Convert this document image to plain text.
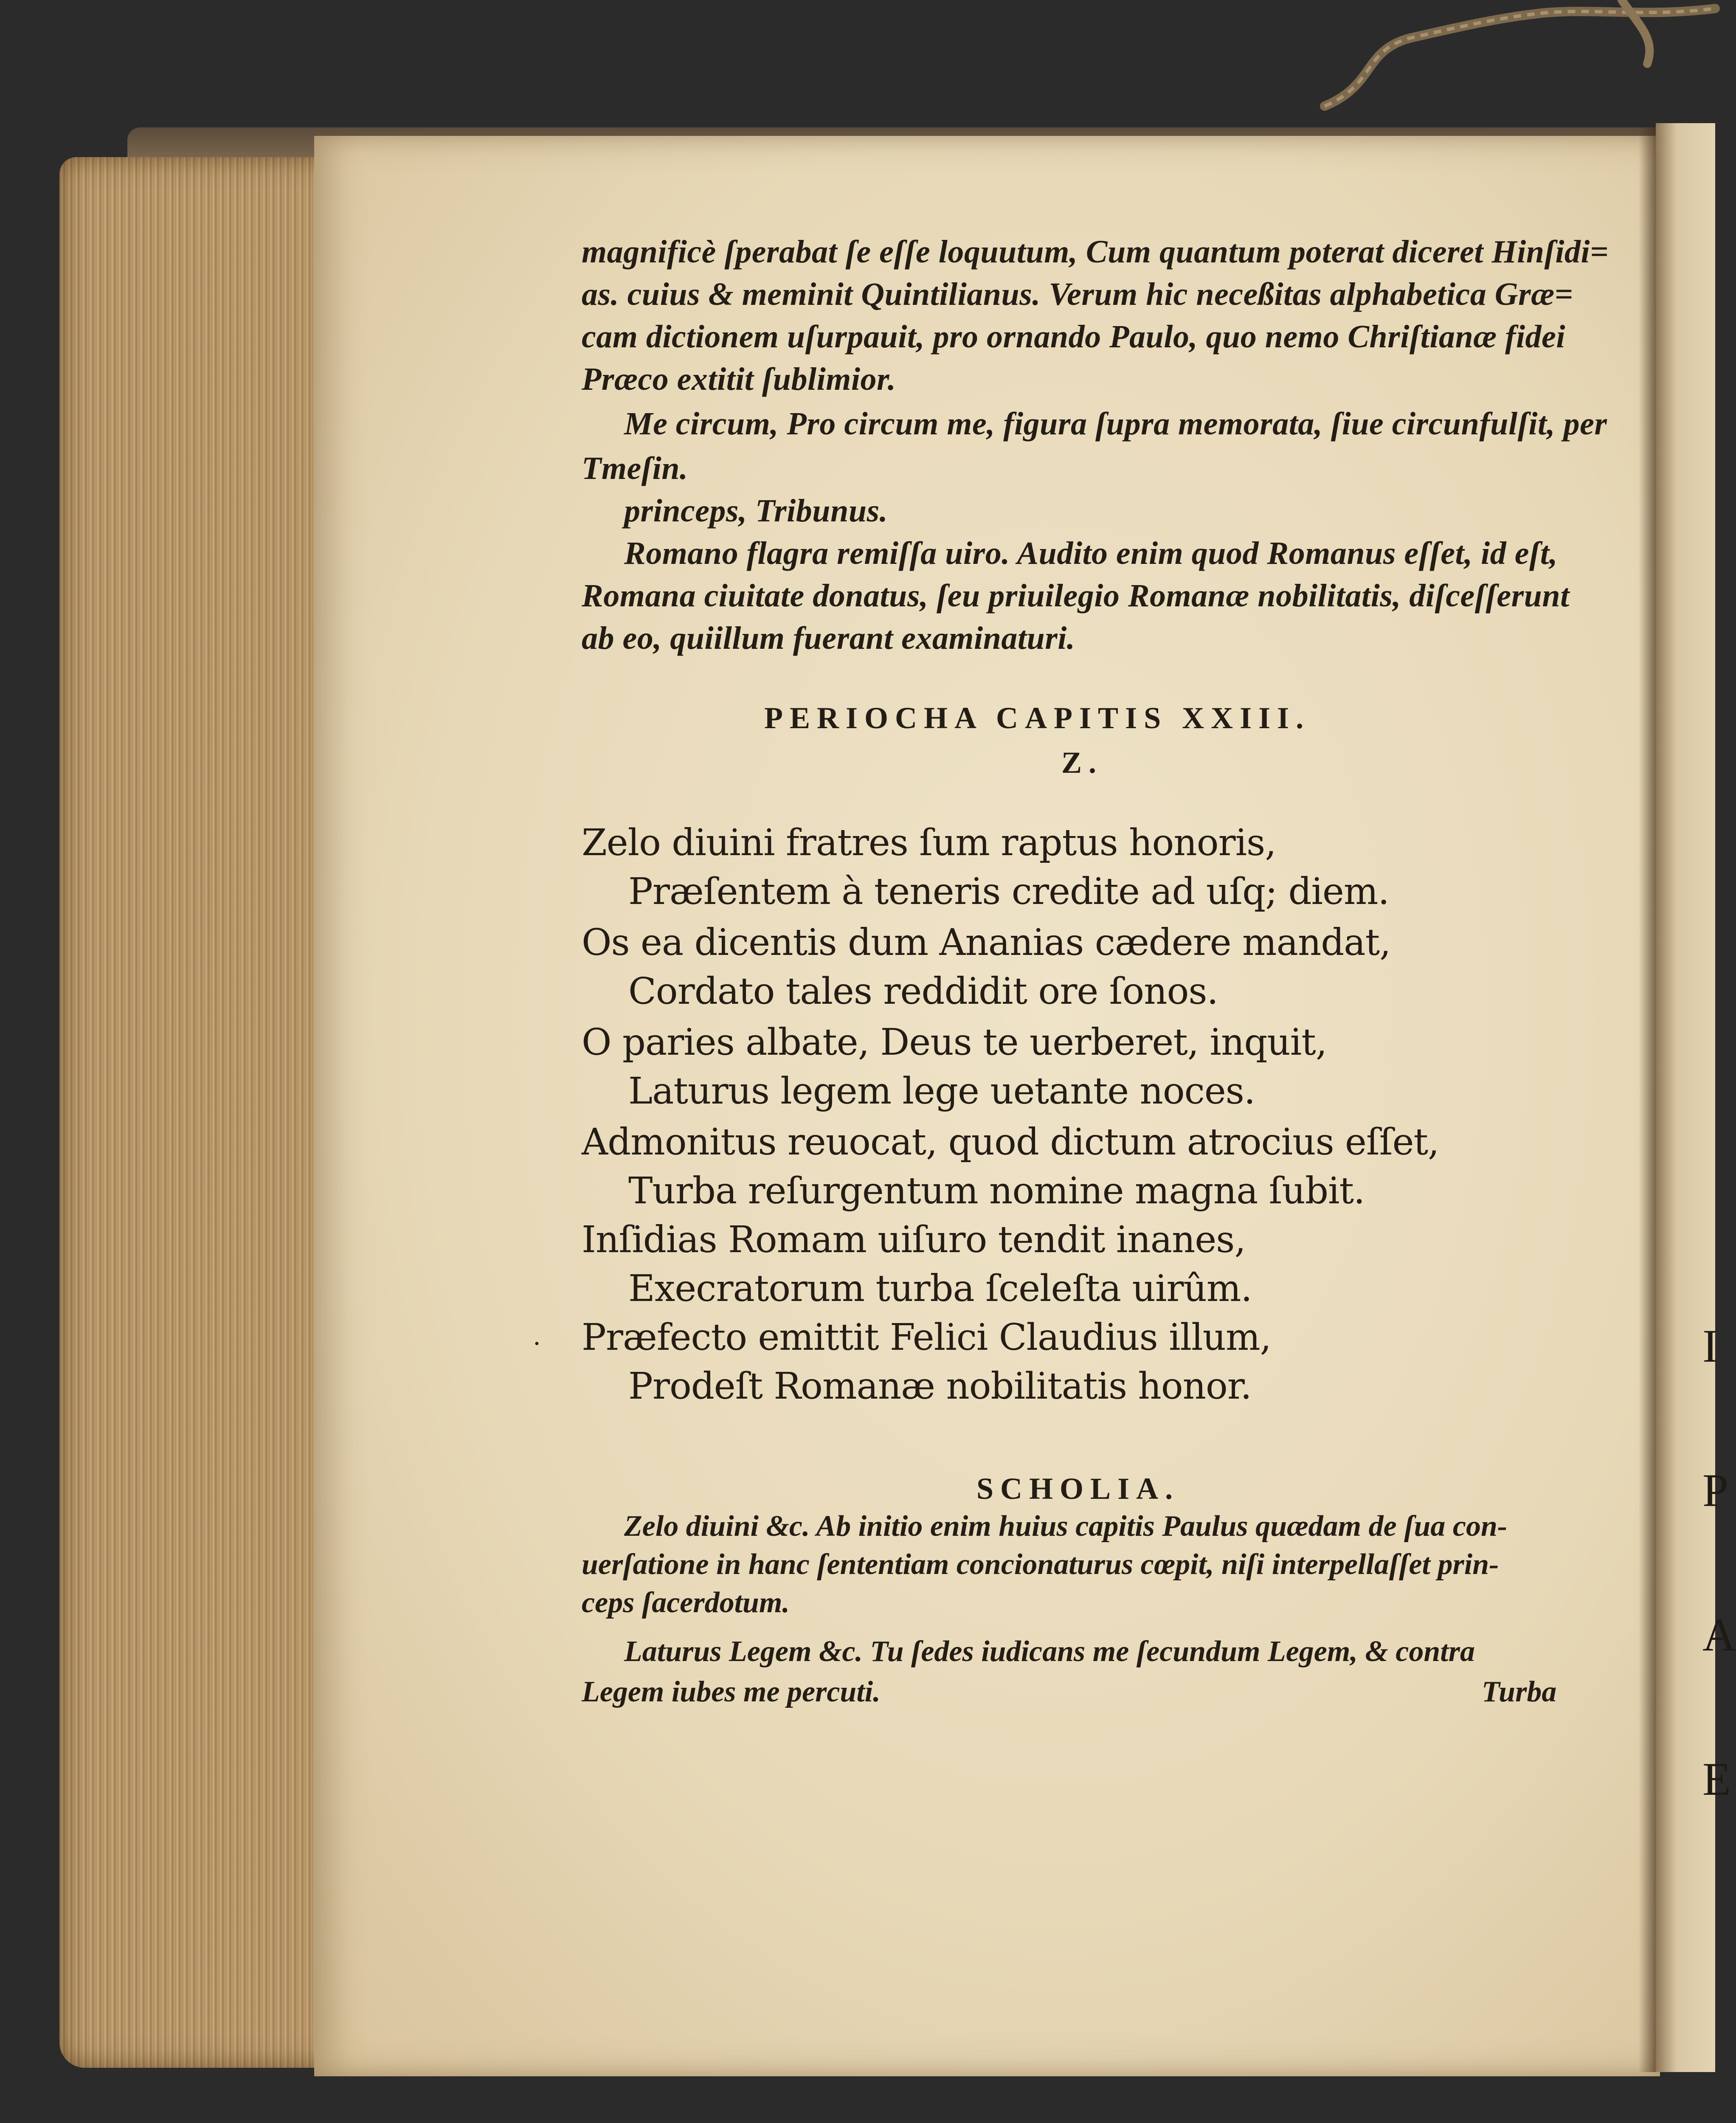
I
P
A
E
magnificè ſperabat ſe eſſe loquutum, Cum quantum poterat diceret Hinſidi=
as. cuius & meminit Quintilianus. Verum hic neceßitas alphabetica Græ=
cam dictionem uſurpauit, pro ornando Paulo, quo nemo Chriſtianæ fidei
Præco extitit ſublimior.
Me circum, Pro circum me, figura ſupra memorata, ſiue circunfulſit, per
Tmeſin.
princeps, Tribunus.
Romano flagra remiſſa uiro. Audito enim quod Romanus eſſet, id eſt,
Romana ciuitate donatus, ſeu priuilegio Romanæ nobilitatis, diſceſſerunt
ab eo, quiillum fuerant examinaturi.
PERIOCHA CAPITIS XXIII.
Z.
Zelo diuini fratres ſum raptus honoris,
Præſentem à teneris credite ad uſq; diem.
Os ea dicentis dum Ananias cædere mandat,
Cordato tales reddidit ore ſonos.
O paries albate, Deus te uerberet, inquit,
Laturus legem lege uetante noces.
Admonitus reuocat, quod dictum atrocius eſſet,
Turba reſurgentum nomine magna ſubit.
Inſidias Romam uiſuro tendit inanes,
Execratorum turba ſceleſta uirûm.
Præfecto emittit Felici Claudius illum,
Prodeſt Romanæ nobilitatis honor.
·
SCHOLIA.
Zelo diuini &c. Ab initio enim huius capitis Paulus quædam de ſua con-
uerſatione in hanc ſententiam concionaturus cœpit, niſi interpellaſſet prin-
ceps ſacerdotum.
Laturus Legem &c. Tu ſedes iudicans me ſecundum Legem, & contra
Legem iubes me percuti.	Turba
